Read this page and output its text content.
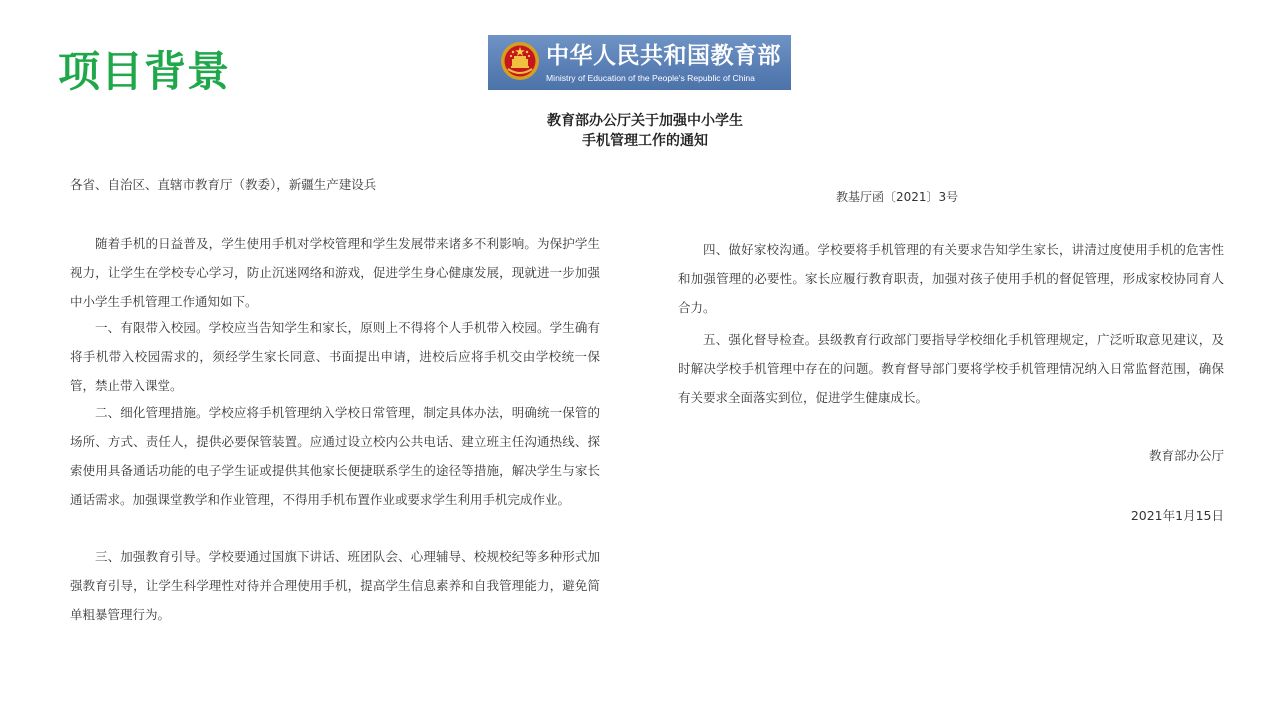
项目背景	中华人民共和国教育部
Ministry of Education of the People's Republic of China
教育部办公厅关于加强中小学生
手机管理工作的通知
各省、自治区、直辖市教育厅（教委），新疆生产建设兵
教基厅函〔2021〕3号

随着手机的日益普及，学生使用手机对学校管理和学生发展带来诸多不利影响。为保护学生视力，让学生在学校专心学习，防止沉迷网络和游戏，促进学生身心健康发展，现就进一步加强中小学生手机管理工作通知如下。

一、有限带入校园。学校应当告知学生和家长，原则上不得将个人手机带入校园。学生确有将手机带入校园需求的，须经学生家长同意、书面提出申请，进校后应将手机交由学校统一保管，禁止带入课堂。

二、细化管理措施。学校应将手机管理纳入学校日常管理，制定具体办法，明确统一保管的场所、方式、责任人，提供必要保管装置。应通过设立校内公共电话、建立班主任沟通热线、探索使用具备通话功能的电子学生证或提供其他家长便捷联系学生的途径等措施，解决学生与家长通话需求。加强课堂教学和作业管理，不得用手机布置作业或要求学生利用手机完成作业。

三、加强教育引导。学校要通过国旗下讲话、班团队会、心理辅导、校规校纪等多种形式加强教育引导，让学生科学理性对待并合理使用手机，提高学生信息素养和自我管理能力，避免简单粗暴管理行为。

四、做好家校沟通。学校要将手机管理的有关要求告知学生家长，讲清过度使用手机的危害性和加强管理的必要性。家长应履行教育职责，加强对孩子使用手机的督促管理，形成家校协同育人合力。

五、强化督导检查。县级教育行政部门要指导学校细化手机管理规定，广泛听取意见建议，及时解决学校手机管理中存在的问题。教育督导部门要将学校手机管理情况纳入日常监督范围，确保有关要求全面落实到位，促进学生健康成长。

教育部办公厅
2021年1月15日
